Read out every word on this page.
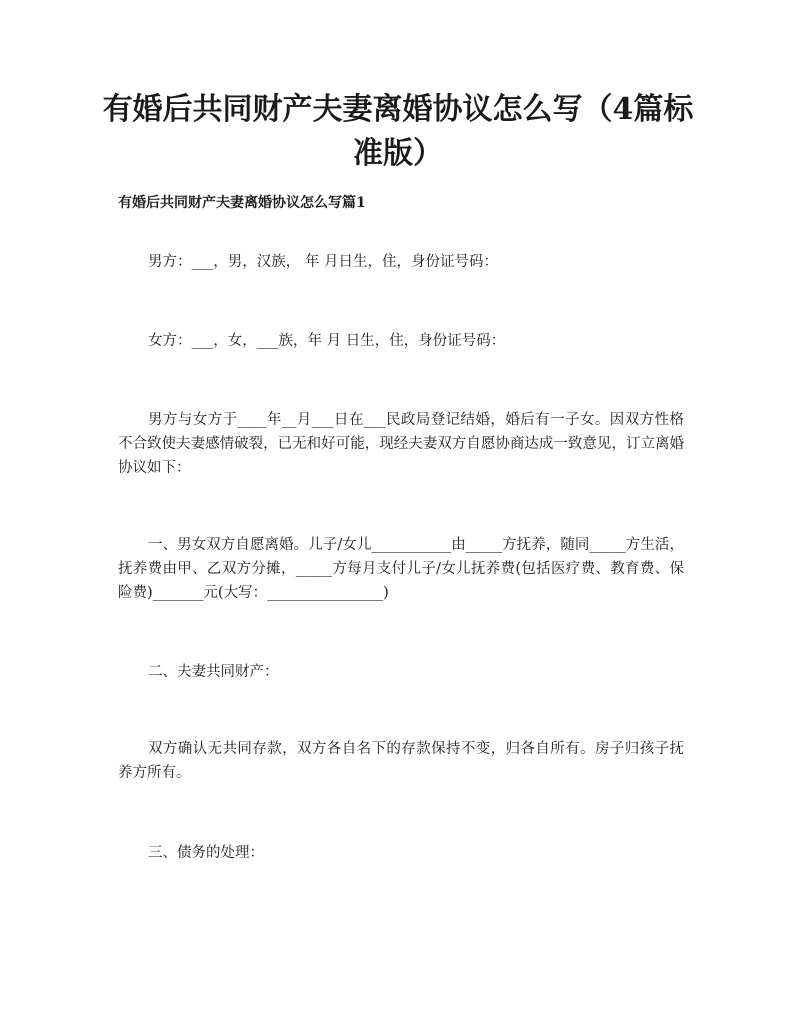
有婚后共同财产夫妻离婚协议怎么写（4篇标准版）
有婚后共同财产夫妻离婚协议怎么写篇1

男方：___，男，汉族， 年 月日生，住，身份证号码：

女方：___，女，___族，年 月 日生，住，身份证号码：

男方与女方于____年__月___日在___民政局登记结婚，婚后有一子女。因双方性格不合致使夫妻感情破裂，已无和好可能，现经夫妻双方自愿协商达成一致意见，订立离婚协议如下：

一、男女双方自愿离婚。儿子/女儿___________由_____方抚养，随同_____方生活，抚养费由甲、乙双方分摊，_____方每月支付儿子/女儿抚养费(包括医疗费、教育费、保险费)_______元(大写：________________)

二、夫妻共同财产：

双方确认无共同存款，双方各自名下的存款保持不变，归各自所有。房子归孩子抚养方所有。

三、债务的处理：
